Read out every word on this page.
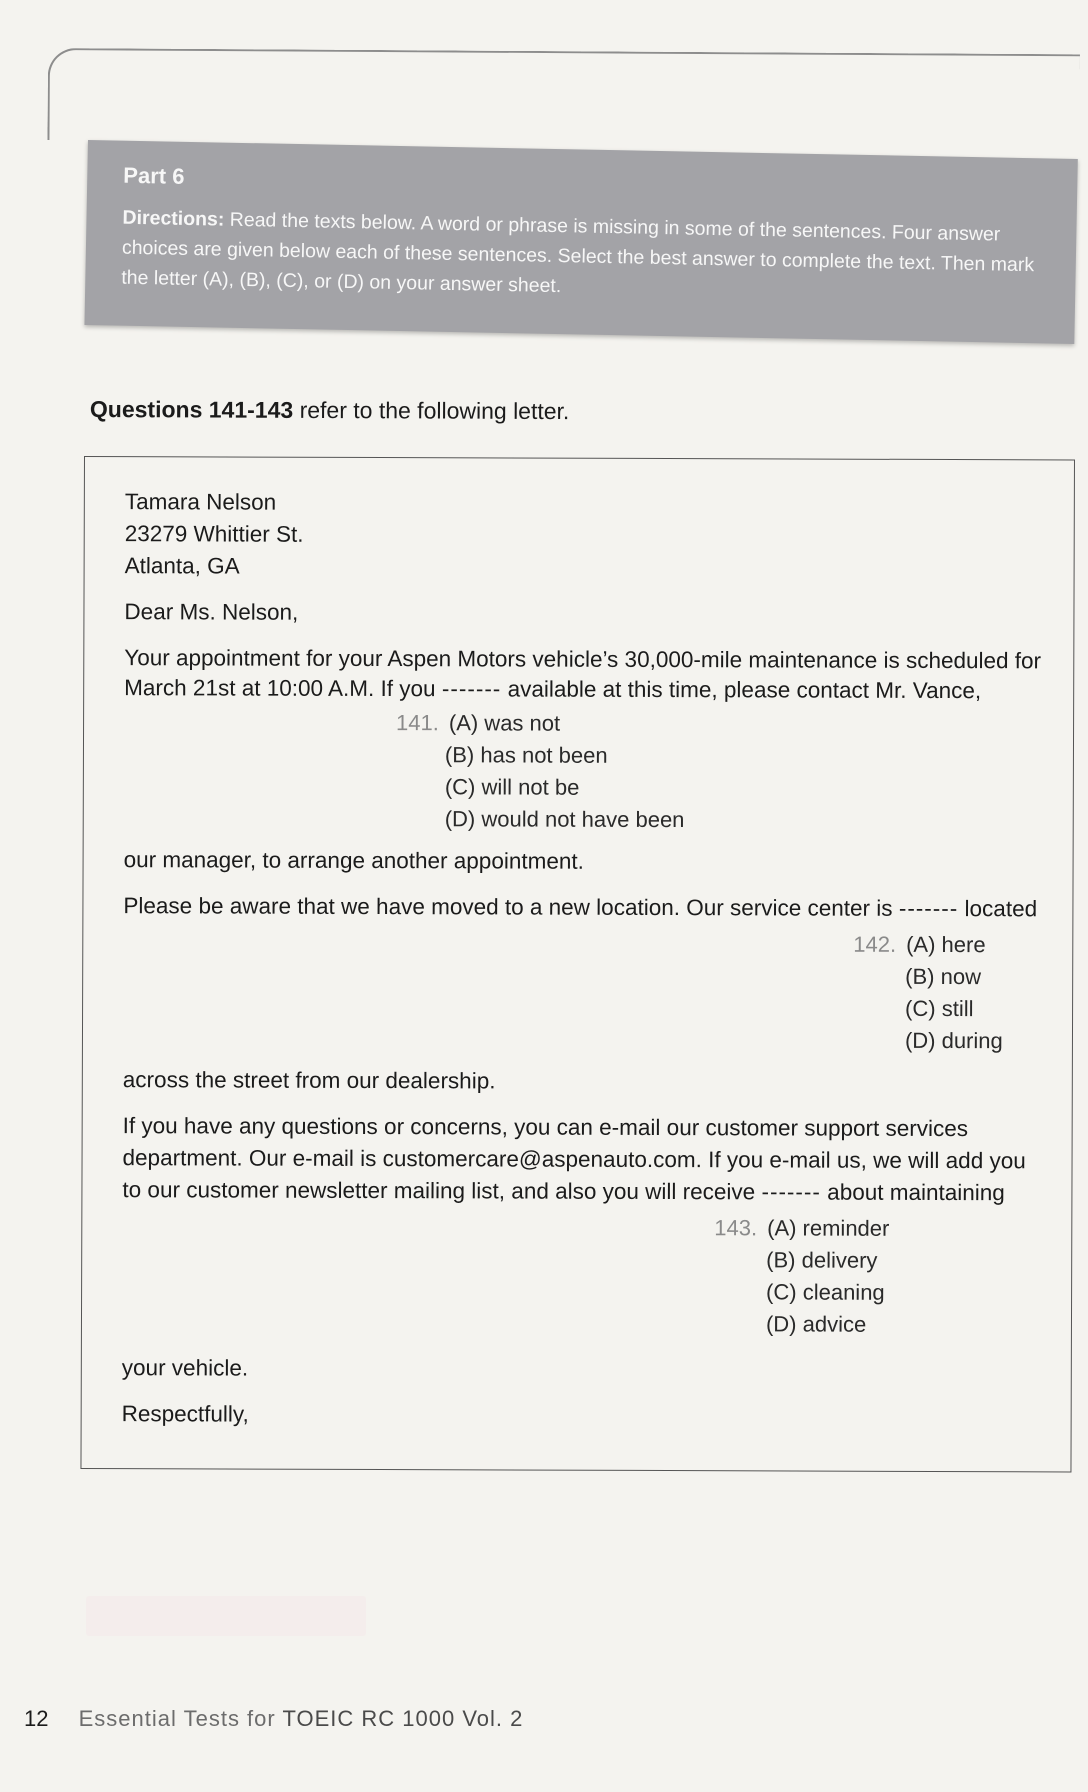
Part 6
Directions: Read the texts below. A word or phrase is missing in some of the sentences. Four answer choices are given below each of these sentences. Select the best answer to complete the text. Then mark the letter (A), (B), (C), or (D) on your answer sheet.
Questions 141-143 refer to the following letter.
Tamara Nelson
23279 Whittier St.
Atlanta, GA
Dear Ms. Nelson,
Your appointment for your Aspen Motors vehicle’s 30,000-mile maintenance is scheduled for
March 21st at 10:00 A.M. If you ------- available at this time, please contact Mr. Vance,
141. (A) was not
(B) has not been
(C) will not be
(D) would not have been
our manager, to arrange another appointment.
Please be aware that we have moved to a new location. Our service center is ------- located
142. (A) here
(B) now
(C) still
(D) during
across the street from our dealership.
If you have any questions or concerns, you can e-mail our customer support services
department. Our e-mail is customercare@aspenauto.com. If you e-mail us, we will add you
to our customer newsletter mailing list, and also you will receive ------- about maintaining
143. (A) reminder
(B) delivery
(C) cleaning
(D) advice
your vehicle.
Respectfully,
12 Essential Tests for TOEIC RC 1000 Vol. 2
